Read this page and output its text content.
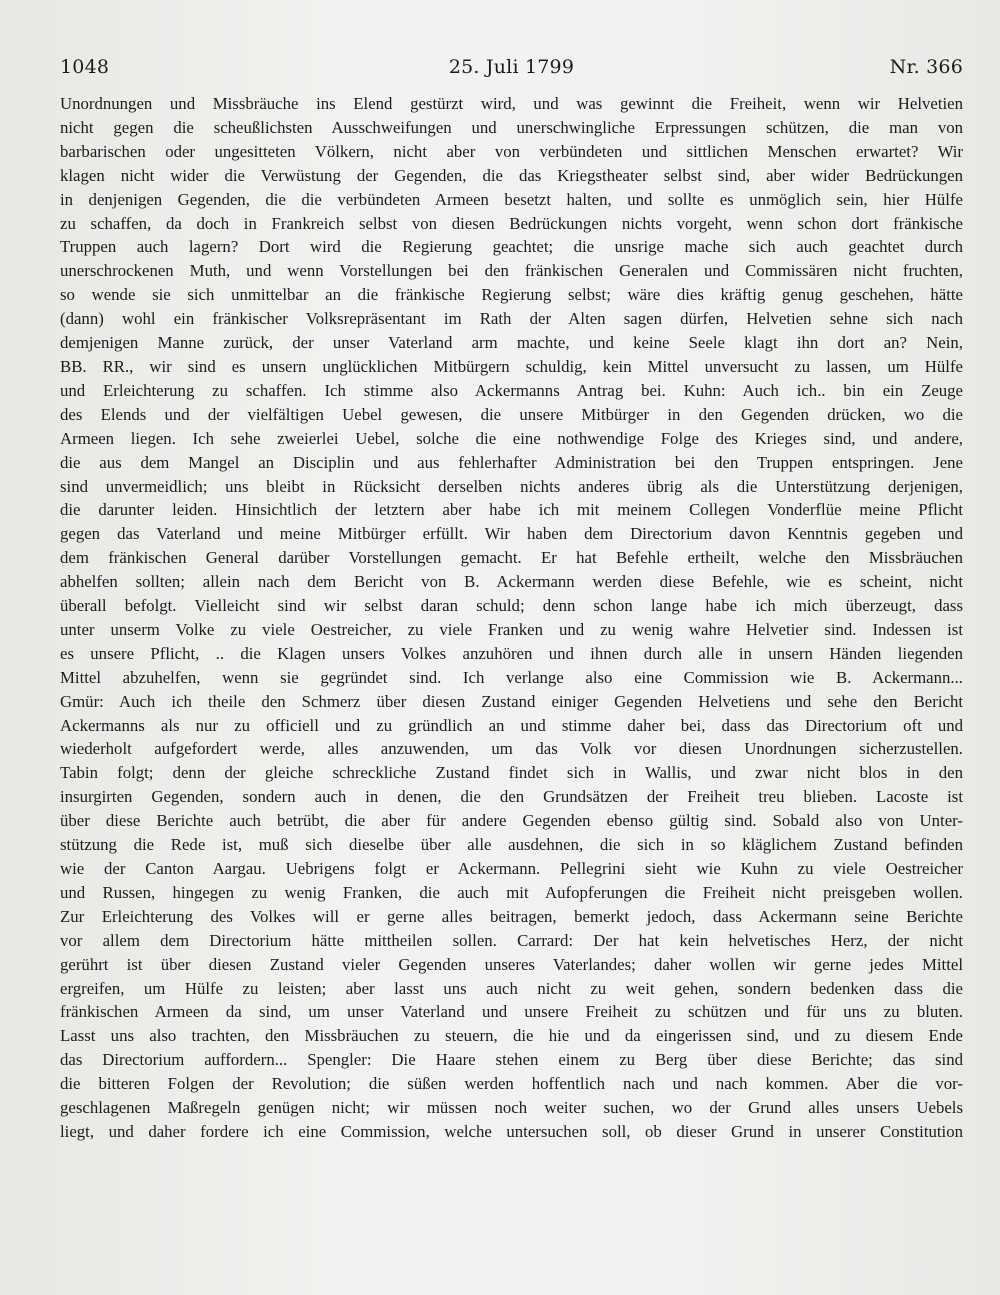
1048	25. Juli 1799	Nr. 366
Unordnungen und Missbräuche ins Elend gestürzt wird, und was gewinnt die Freiheit, wenn wir Helvetien
nicht gegen die scheußlichsten Ausschweifungen und unerschwingliche Erpressungen schützen, die man von
barbarischen oder ungesitteten Völkern, nicht aber von verbündeten und sittlichen Menschen erwartet? Wir
klagen nicht wider die Verwüstung der Gegenden, die das Kriegstheater selbst sind, aber wider Bedrückungen
in denjenigen Gegenden, die die verbündeten Armeen besetzt halten, und sollte es unmöglich sein, hier Hülfe
zu schaffen, da doch in Frankreich selbst von diesen Bedrückungen nichts vorgeht, wenn schon dort fränkische
Truppen auch lagern? Dort wird die Regierung geachtet; die unsrige mache sich auch geachtet durch
unerschrockenen Muth, und wenn Vorstellungen bei den fränkischen Generalen und Commissären nicht fruchten,
so wende sie sich unmittelbar an die fränkische Regierung selbst; wäre dies kräftig genug geschehen, hätte
(dann) wohl ein fränkischer Volksrepräsentant im Rath der Alten sagen dürfen, Helvetien sehne sich nach
demjenigen Manne zurück, der unser Vaterland arm machte, und keine Seele klagt ihn dort an? Nein,
BB. RR., wir sind es unsern unglücklichen Mitbürgern schuldig, kein Mittel unversucht zu lassen, um Hülfe
und Erleichterung zu schaffen. Ich stimme also Ackermanns Antrag bei. Kuhn: Auch ich.. bin ein Zeuge
des Elends und der vielfältigen Uebel gewesen, die unsere Mitbürger in den Gegenden drücken, wo die
Armeen liegen. Ich sehe zweierlei Uebel, solche die eine nothwendige Folge des Krieges sind, und andere,
die aus dem Mangel an Disciplin und aus fehlerhafter Administration bei den Truppen entspringen. Jene
sind unvermeidlich; uns bleibt in Rücksicht derselben nichts anderes übrig als die Unterstützung derjenigen,
die darunter leiden. Hinsichtlich der letztern aber habe ich mit meinem Collegen Vonderflüe meine Pflicht
gegen das Vaterland und meine Mitbürger erfüllt. Wir haben dem Directorium davon Kenntnis gegeben und
dem fränkischen General darüber Vorstellungen gemacht. Er hat Befehle ertheilt, welche den Missbräuchen
abhelfen sollten; allein nach dem Bericht von B. Ackermann werden diese Befehle, wie es scheint, nicht
überall befolgt. Vielleicht sind wir selbst daran schuld; denn schon lange habe ich mich überzeugt, dass
unter unserm Volke zu viele Oestreicher, zu viele Franken und zu wenig wahre Helvetier sind. Indessen ist
es unsere Pflicht, .. die Klagen unsers Volkes anzuhören und ihnen durch alle in unsern Händen liegenden
Mittel abzuhelfen, wenn sie gegründet sind. Ich verlange also eine Commission wie B. Ackermann...
Gmür: Auch ich theile den Schmerz über diesen Zustand einiger Gegenden Helvetiens und sehe den Bericht
Ackermanns als nur zu officiell und zu gründlich an und stimme daher bei, dass das Directorium oft und
wiederholt aufgefordert werde, alles anzuwenden, um das Volk vor diesen Unordnungen sicherzustellen.
Tabin folgt; denn der gleiche schreckliche Zustand findet sich in Wallis, und zwar nicht blos in den
insurgirten Gegenden, sondern auch in denen, die den Grundsätzen der Freiheit treu blieben. Lacoste ist
über diese Berichte auch betrübt, die aber für andere Gegenden ebenso gültig sind. Sobald also von Unter-
stützung die Rede ist, muß sich dieselbe über alle ausdehnen, die sich in so kläglichem Zustand befinden
wie der Canton Aargau. Uebrigens folgt er Ackermann. Pellegrini sieht wie Kuhn zu viele Oestreicher
und Russen, hingegen zu wenig Franken, die auch mit Aufopferungen die Freiheit nicht preisgeben wollen.
Zur Erleichterung des Volkes will er gerne alles beitragen, bemerkt jedoch, dass Ackermann seine Berichte
vor allem dem Directorium hätte mittheilen sollen. Carrard: Der hat kein helvetisches Herz, der nicht
gerührt ist über diesen Zustand vieler Gegenden unseres Vaterlandes; daher wollen wir gerne jedes Mittel
ergreifen, um Hülfe zu leisten; aber lasst uns auch nicht zu weit gehen, sondern bedenken dass die
fränkischen Armeen da sind, um unser Vaterland und unsere Freiheit zu schützen und für uns zu bluten.
Lasst uns also trachten, den Missbräuchen zu steuern, die hie und da eingerissen sind, und zu diesem Ende
das Directorium auffordern... Spengler: Die Haare stehen einem zu Berg über diese Berichte; das sind
die bitteren Folgen der Revolution; die süßen werden hoffentlich nach und nach kommen. Aber die vor-
geschlagenen Maßregeln genügen nicht; wir müssen noch weiter suchen, wo der Grund alles unsers Uebels
liegt, und daher fordere ich eine Commission, welche untersuchen soll, ob dieser Grund in unserer Constitution
